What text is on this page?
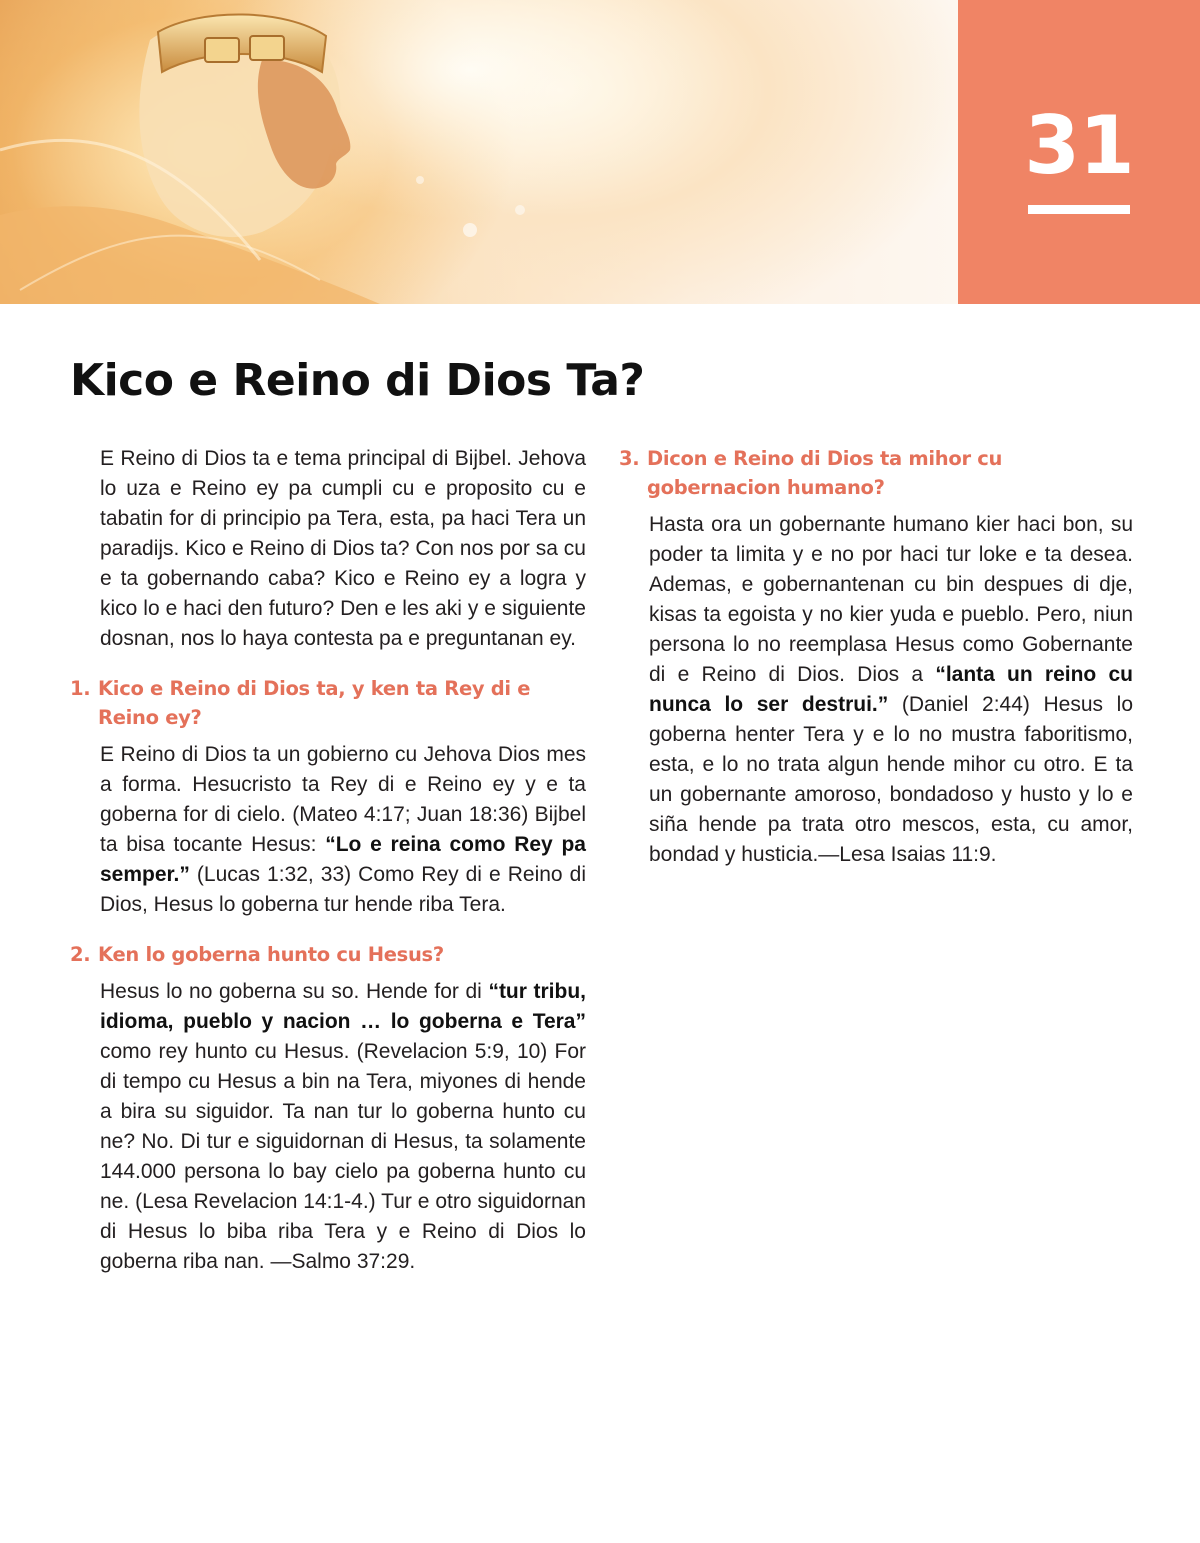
31
Kico e Reino di Dios Ta?

E Reino di Dios ta e tema principal di Bijbel. Jehova lo uza e Reino ey pa cumpli cu e proposito cu e tabatin for di principio pa Tera, esta, pa haci Tera un paradijs. Kico e Reino di Dios ta? Con nos por sa cu e ta gobernando caba? Kico e Reino ey a logra y kico lo e haci den futuro? Den e les aki y e siguiente dosnan, nos lo haya contesta pa e preguntanan ey.

1. Kico e Reino di Dios ta, y ken ta Rey di e Reino ey?

E Reino di Dios ta un gobierno cu Jehova Dios mes a forma. Hesucristo ta Rey di e Reino ey y e ta goberna for di cielo. (Mateo 4:17; Juan 18:36) Bijbel ta bisa tocante Hesus: “Lo e reina como Rey pa semper.” (Lucas 1:32, 33) Como Rey di e Reino di Dios, Hesus lo goberna tur hende riba Tera.

2. Ken lo goberna hunto cu Hesus?

Hesus lo no goberna su so. Hende for di “tur tribu, idioma, pueblo y nacion … lo goberna e Tera” como rey hunto cu Hesus. (Revelacion 5:​9, 10) For di tempo cu Hesus a bin na Tera, miyones di hende a bira su siguidor. Ta nan tur lo goberna hunto cu ne? No. Di tur e siguidornan di Hesus, ta solamente 144.000 persona lo bay cielo pa goberna hunto cu ne. (Lesa Revelacion 14:1-4.) Tur e otro siguidornan di Hesus lo biba riba Tera y e Reino di Dios lo goberna riba nan. —Salmo 37:29.

3. Dicon e Reino di Dios ta mihor cu gobernacion humano?

Hasta ora un gobernante humano kier haci bon, su poder ta limita y e no por haci tur loke e ta desea. Ademas, e gobernantenan cu bin despues di dje, kisas ta egoista y no kier yuda e pueblo. Pero, niun persona lo no reemplasa Hesus como Gobernante di e Reino di Dios. Dios a “lanta un reino cu nunca lo ser destrui.” (Daniel 2:44) Hesus lo goberna henter Tera y e lo no mustra faboritismo, esta, e lo no trata algun hende mihor cu otro. E ta un gobernante amoroso, bondadoso y husto y lo e siña hende pa trata otro mescos, esta, cu amor, bondad y husticia.—Lesa Isaias 11:9.
